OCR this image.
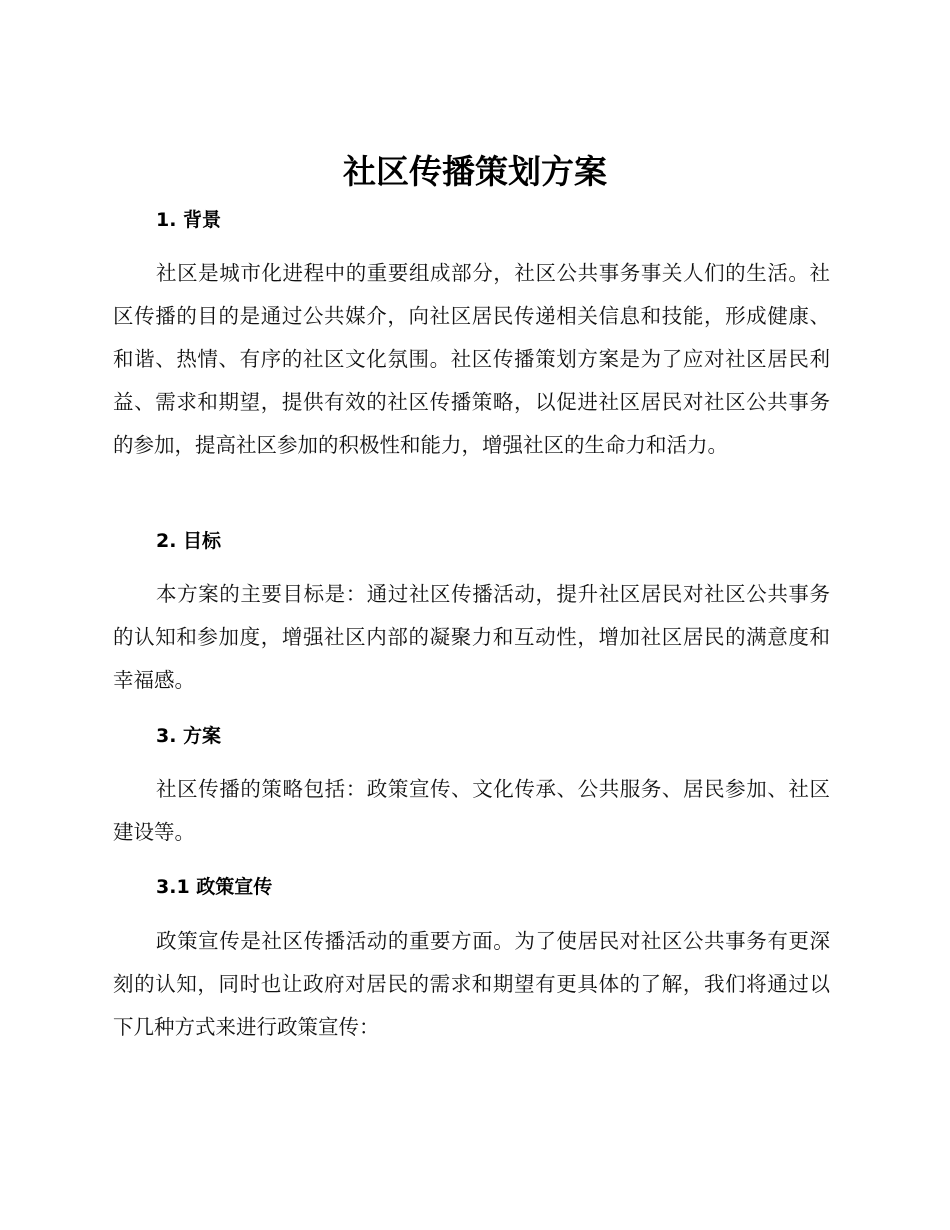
社区传播策划方案
1. 背景

社区是城市化进程中的重要组成部分，社区公共事务事关人们的生活。社区传播的目的是通过公共媒介，向社区居民传递相关信息和技能，形成健康、和谐、热情、有序的社区文化氛围。社区传播策划方案是为了应对社区居民利益、需求和期望，提供有效的社区传播策略，以促进社区居民对社区公共事务的参加，提高社区参加的积极性和能力，增强社区的生命力和活力。

2. 目标

本方案的主要目标是：通过社区传播活动，提升社区居民对社区公共事务的认知和参加度，增强社区内部的凝聚力和互动性，增加社区居民的满意度和幸福感。

3. 方案

社区传播的策略包括：政策宣传、文化传承、公共服务、居民参加、社区建设等。

3.1 政策宣传

政策宣传是社区传播活动的重要方面。为了使居民对社区公共事务有更深刻的认知，同时也让政府对居民的需求和期望有更具体的了解，我们将通过以下几种方式来进行政策宣传：
